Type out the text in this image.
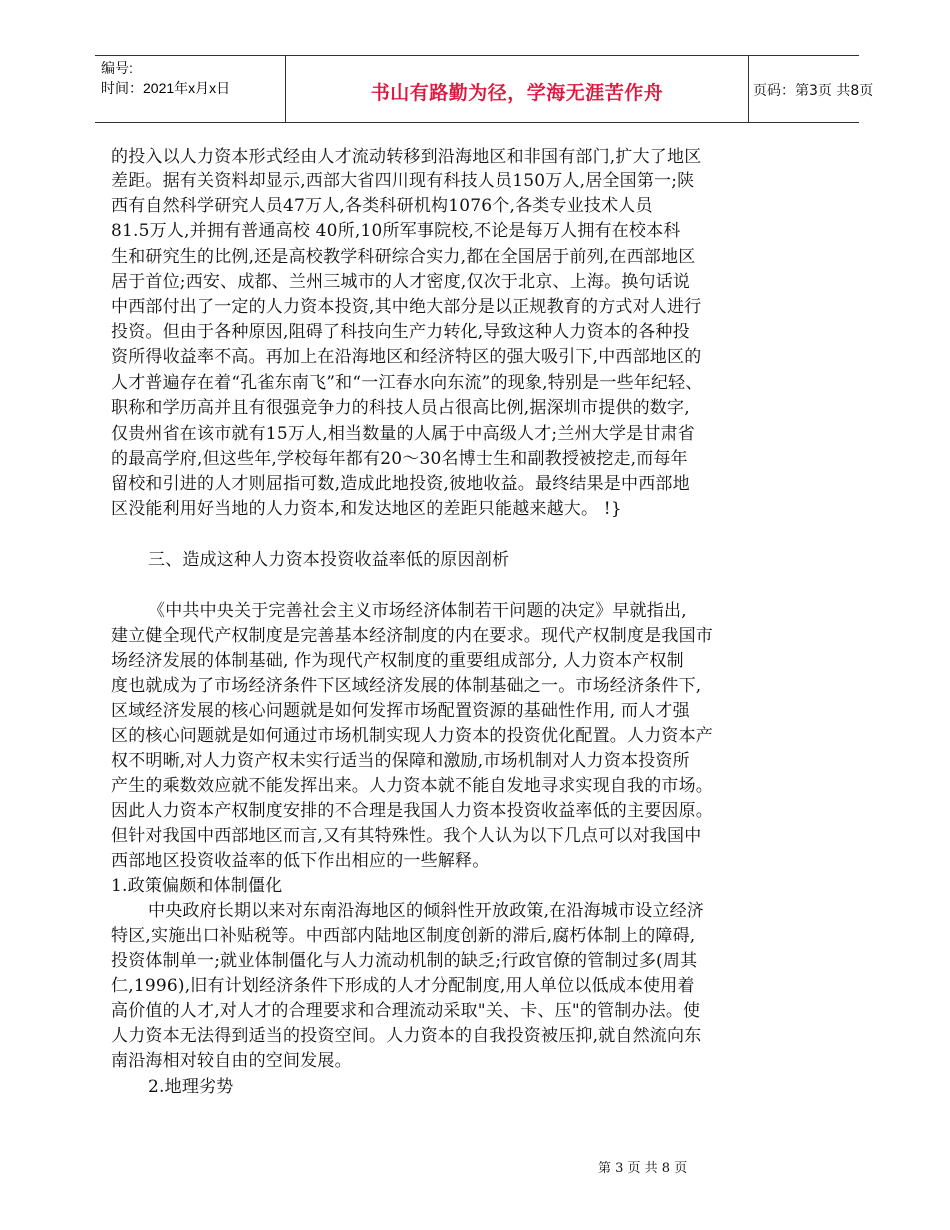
编号:
时间：2021年x月x日	书山有路勤为径，学海无涯苦作舟	页码：第3页 共8页
的投入以人力资本形式经由人才流动转移到沿海地区和非国有部门,扩大了地区
差距。据有关资料却显示,西部大省四川现有科技人员150万人,居全国第一;陕
西有自然科学研究人员47万人,各类科研机构1076个,各类专业技术人员
81.5万人,并拥有普通高校 40所,10所军事院校,不论是每万人拥有在校本科
生和研究生的比例,还是高校教学科研综合实力,都在全国居于前列,在西部地区
居于首位;西安、成都、兰州三城市的人才密度,仅次于北京、上海。换句话说
中西部付出了一定的人力资本投资,其中绝大部分是以正规教育的方式对人进行
投资。但由于各种原因,阻碍了科技向生产力转化,导致这种人力资本的各种投
资所得收益率不高。再加上在沿海地区和经济特区的强大吸引下,中西部地区的
人才普遍存在着“孔雀东南飞”和“一江春水向东流”的现象,特别是一些年纪轻、
职称和学历高并且有很强竞争力的科技人员占很高比例,据深圳市提供的数字,
仅贵州省在该市就有15万人,相当数量的人属于中高级人才;兰州大学是甘肃省
的最高学府,但这些年,学校每年都有20～30名博士生和副教授被挖走,而每年
留校和引进的人才则屈指可数,造成此地投资,彼地收益。最终结果是中西部地
区没能利用好当地的人力资本,和发达地区的差距只能越来越大。 !}
三、造成这种人力资本投资收益率低的原因剖析
《中共中央关于完善社会主义市场经济体制若干问题的决定》早就指出,
建立健全现代产权制度是完善基本经济制度的内在要求。现代产权制度是我国市
场经济发展的体制基础, 作为现代产权制度的重要组成部分, 人力资本产权制
度也就成为了市场经济条件下区域经济发展的体制基础之一。市场经济条件下,
区域经济发展的核心问题就是如何发挥市场配置资源的基础性作用, 而人才强
区的核心问题就是如何通过市场机制实现人力资本的投资优化配置。人力资本产
权不明晰,对人力资产权未实行适当的保障和激励,市场机制对人力资本投资所
产生的乘数效应就不能发挥出来。人力资本就不能自发地寻求实现自我的市场。
因此人力资本产权制度安排的不合理是我国人力资本投资收益率低的主要因原。
但针对我国中西部地区而言,又有其特殊性。我个人认为以下几点可以对我国中
西部地区投资收益率的低下作出相应的一些解释。
1.政策偏颇和体制僵化
中央政府长期以来对东南沿海地区的倾斜性开放政策,在沿海城市设立经济
特区,实施出口补贴税等。中西部内陆地区制度创新的滞后,腐朽体制上的障碍,
投资体制单一;就业体制僵化与人力流动机制的缺乏;行政官僚的管制过多(周其
仁,1996),旧有计划经济条件下形成的人才分配制度,用人单位以低成本使用着
高价值的人才,对人才的合理要求和合理流动采取"关、卡、压"的管制办法。使
人力资本无法得到适当的投资空间。人力资本的自我投资被压抑,就自然流向东
南沿海相对较自由的空间发展。
2.地理劣势
第 3 页 共 8 页
